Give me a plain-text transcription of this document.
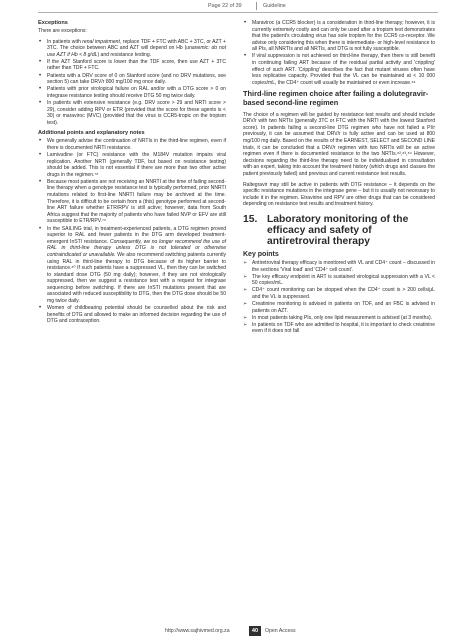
Page 22 of 39	Guideline
Exceptions

There are exceptions:

• In patients with renal impairment, replace TDF + FTC with ABC + 3TC, or AZT + 3TC. The choice between ABC and AZT will depend on Hb (unanemic: do not use AZT if Hb < 8 g/dL) and resistance testing.
• If the AZT Stanford score is lower than the TDF score, then use AZT + 3TC rather than TDF + FTC.
• Patients with a DRV score of 0 on Stanford score (and no DRV mutations, see section 5) can take DRV/r 800 mg/100 mg once daily.
• Patients with prior virological failure on RAL and/or with a DTG score > 0 on integrase resistance testing should receive DTG 50 mg twice daily.
• In patients with extensive resistance (e.g. DRV score > 29 and NRTI score > 29), consider adding RPV or ETR (provided that the score for these agents is < 30) or maraviroc (MVC) (provided that the virus is CCR5-tropic on the tropism test).
Additional points and explanatory notes
• We generally advise the continuation of NRTIs in the third-line regimen, even if there is documented NRTI resistance.
• Lamivudine (or FTC) resistance with the M184V mutation impairs viral replication. Another NRTI (generally TDF, but based on resistance testing) should be added. This is not essential if there are more than two other active drugs in the regimen.⁷⁸
• Because most patients are not receiving an NNRTI at the time of failing second-line therapy when a genotype resistance test is typically performed, prior NNRTI mutations related to first-line NNRTI failure may be archived at the time. Therefore, it is difficult to be certain from a (this) genotype performed at second-line ART failure whether ETR/RPV is still active; however, data from South Africa suggest that the majority of patients who have failed NVP or EFV are still susceptible to ETR/RPV.⁷⁹
• In the SAILING trial, in treatment-experienced patients, a DTG regimen proved superior to RAL and fewer patients in the DTG arm developed treatment-emergent InSTI resistance. Consequently, we no longer recommend the use of RAL in third-line therapy unless DTG is not tolerated or otherwise contraindicated or unavailable. We also recommend switching patients currently using RAL in third-line therapy to DTG because of its higher barrier to resistance.⁸⁰ If such patients have a suppressed VL, then they can be switched to standard dose DTG (50 mg daily); however, if they are not virologically suppressed, then we suggest a resistance test with a request for integrase sequencing before switching. If there are InSTI mutations present that are associated with reduced susceptibility to DTG, then the DTG dose should be 50 mg twice daily.
• Women of childbearing potential should be counselled about the risk and benefits of DTG and allowed to make an informed decision regarding the use of DTG and contraception.
• Maraviroc (a CCR5 blocker) is a consideration in third-line therapy; however, it is currently extremely costly and can only be used after a tropism test demonstrates that the patient's circulating virus has sole tropism for the CCR5 co-receptor. We advise only considering this when there is intermediate- or high-level resistance to all PIs, all NNRTIs and all NRTIs, and DTG is not fully susceptible.
• If viral suppression is not achieved on third-line therapy, then there is still benefit in continuing failing ART because of the residual partial activity and 'crippling' effect of such ART. 'Crippling' describes the fact that mutant viruses often have less replicative capacity. Provided that the VL can be maintained at < 10 000 copies/mL, the CD4⁺ count will usually be maintained or even increase.⁸¹
Third-line regimen choice after failing a dolutegravir-based second-line regimen

The choice of a regimen will be guided by resistance test results and should include DRV/r with two NRTIs (generally 3TC or FTC with the NRTI with the lowest Stanford score). In patients failing a second-line DTG regimen who have not failed a PI/r previously, it can be assumed that DRV/r is fully active and can be used at 800 mg/100 mg daily. Based on the results of the EARNEST, SELECT and SECOND LINE trials, it can be concluded that a DRV/r regimen with two NRTIs will be an active regimen even if there is documented resistance to the two NRTIs.⁸²,⁸³,⁸⁴ However, decisions regarding the third-line therapy need to be individualised in consultation with an expert, taking into account the treatment history (which drugs and classes the patient previously failed) and previous and current resistance test results.

Raltegravir may still be active in patients with DTG resistance – it depends on the specific resistance mutations in the integrase gene – but it is usually not necessary to include it in the regimen. Etravirine and RPV are other drugs that can be considered depending on resistance test results and treatment history.

15. Laboratory monitoring of the efficacy and safety of antiretroviral therapy
Key points
➢ Antiretroviral therapy efficacy is monitored with VL and CD4⁺ count – discussed in the sections 'Viral load' and 'CD4⁺ cell count'.
➢ The key efficacy endpoint in ART is sustained virological suppression with a VL < 50 copies/mL.
➢ CD4⁺ count monitoring can be stopped when the CD4⁺ count is > 200 cells/μL and the VL is suppressed.
➢ Creatinine monitoring is advised in patients on TDF, and an FBC is advised in patients on AZT.
➢ In most patients taking PIs, only one lipid measurement is advised (at 3 months).
➢ In patients on TDF who are admitted to hospital, it is important to check creatinine even if it does not fall
http://www.sajhivmed.org.za	40	Open Access
